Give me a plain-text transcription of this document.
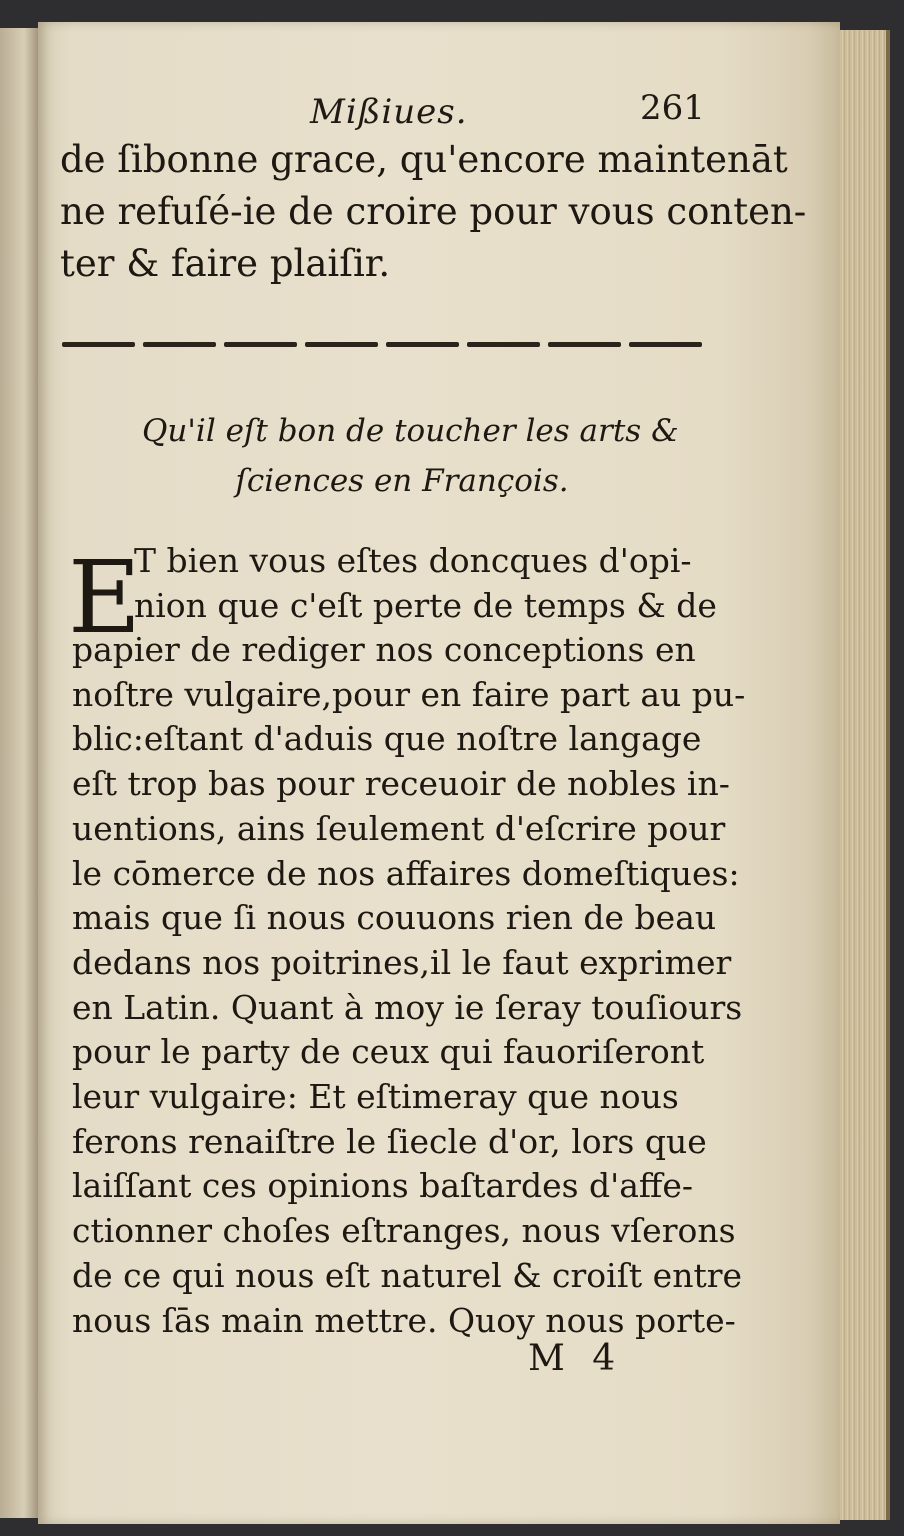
Mißiues.	261
de ſibonne grace, qu'encore maintenāt
ne refuſé-ie de croire pour vous conten-
ter & faire plaiſir.
Qu'il eſt bon de toucher les arts &
ſciences en François.
E
T bien vous eſtes doncques d'opi-
nion que c'eſt perte de temps & de
papier de rediger nos conceptions en
noſtre vulgaire,pour en faire part au pu-
blic:eſtant d'aduis que noſtre langage
eſt trop bas pour receuoir de nobles in-
uentions, ains ſeulement d'eſcrire pour
le cōmerce de nos affaires domeſtiques:
mais que ſi nous couuons rien de beau
dedans nos poitrines,il le faut exprimer
en Latin. Quant à moy ie ſeray touſiours
pour le party de ceux qui fauoriſeront
leur vulgaire: Et eſtimeray que nous
ferons renaiſtre le ſiecle d'or, lors que
laiſſant ces opinions baſtardes d'affe-
ctionner choſes eſtranges, nous vſerons
de ce qui nous eſt naturel & croiſt entre
nous ſās main mettre. Quoy nous porte-
M 4
